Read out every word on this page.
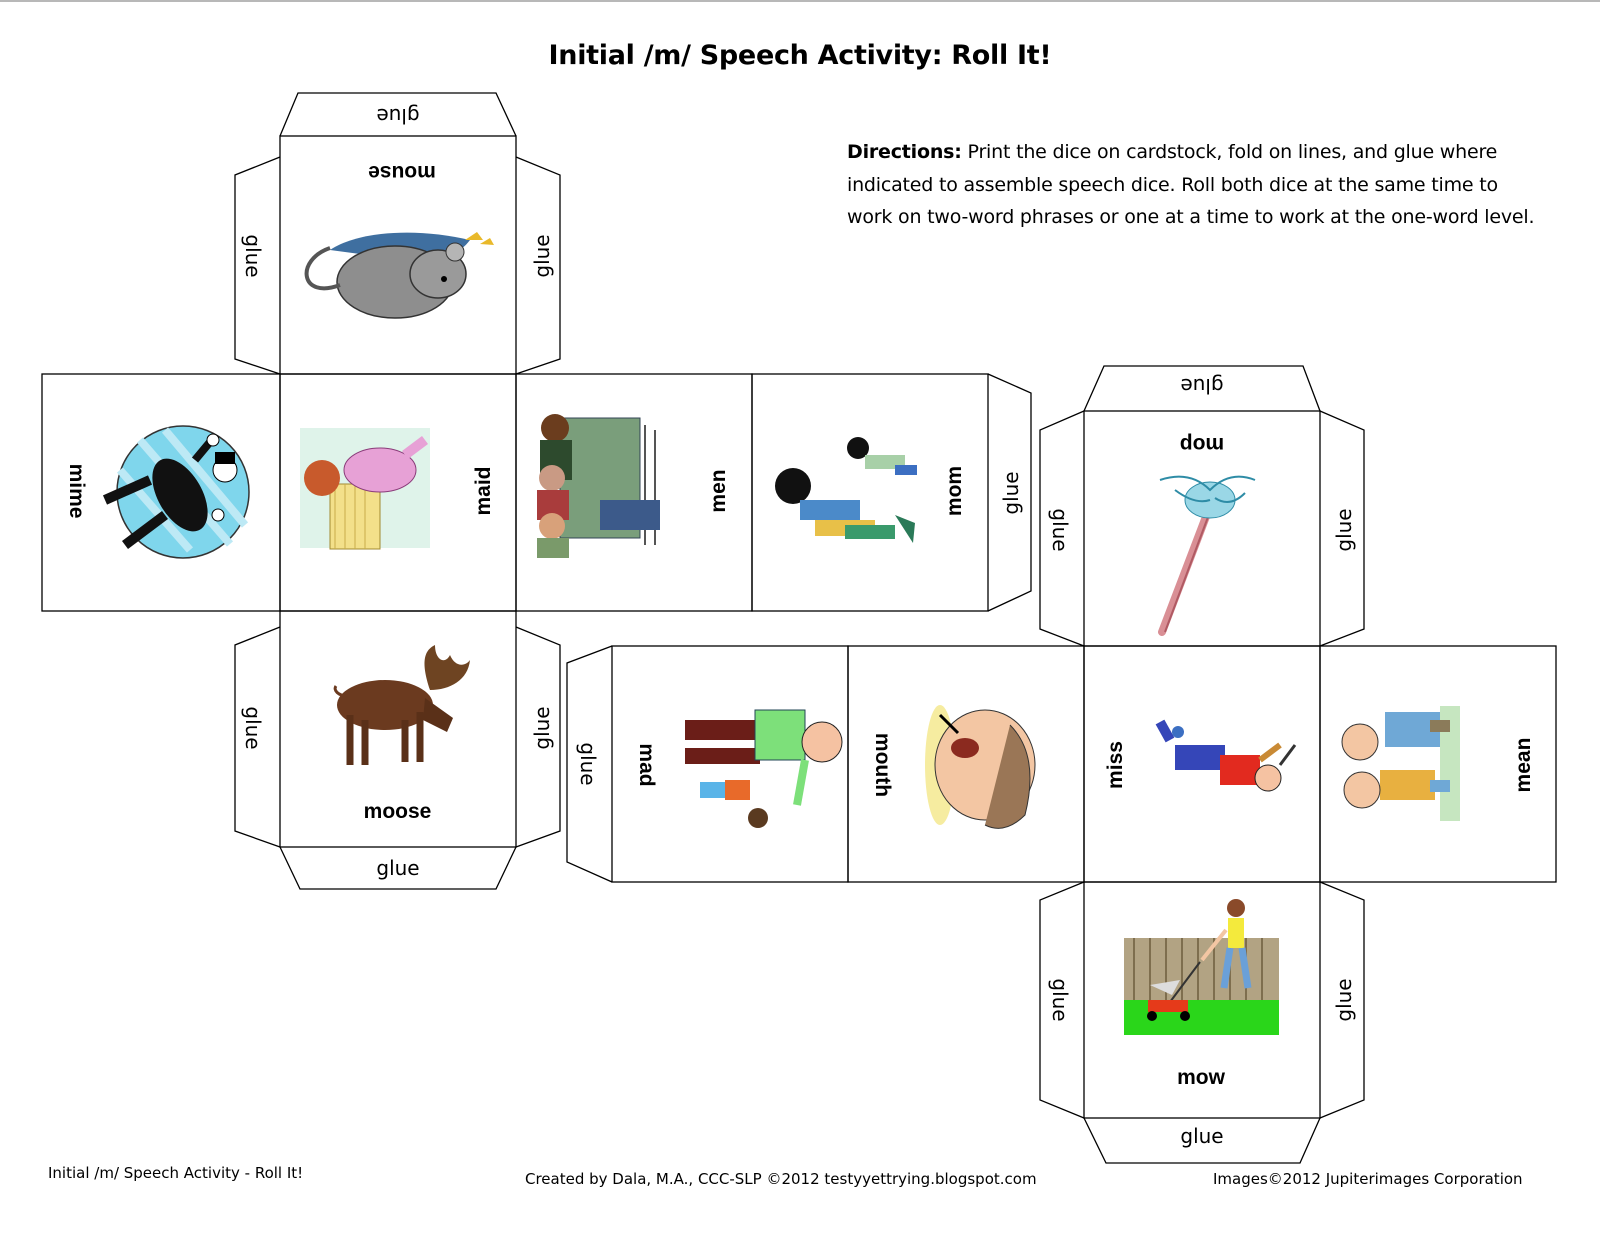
Initial /m/ Speech Activity: Roll It!
Directions: Print the dice on cardstock, fold on lines, and glue where indicated to assemble speech dice. Roll both dice at the same time to work on two-word phrases or one at a time to work at the one-word level.
mouse
mime	maid	men	mom
moose
mop
mad	mouth	miss	mean
mow
glue
glue	glue
glue
glue	glue
glue
glue
glue	glue
glue
glue	glue
glue
Initial /m/ Speech Activity - Roll It!	Created by Dala, M.A., CCC-SLP ©2012 testyyettrying.blogspot.com	Images©2012 Jupiterimages Corporation
